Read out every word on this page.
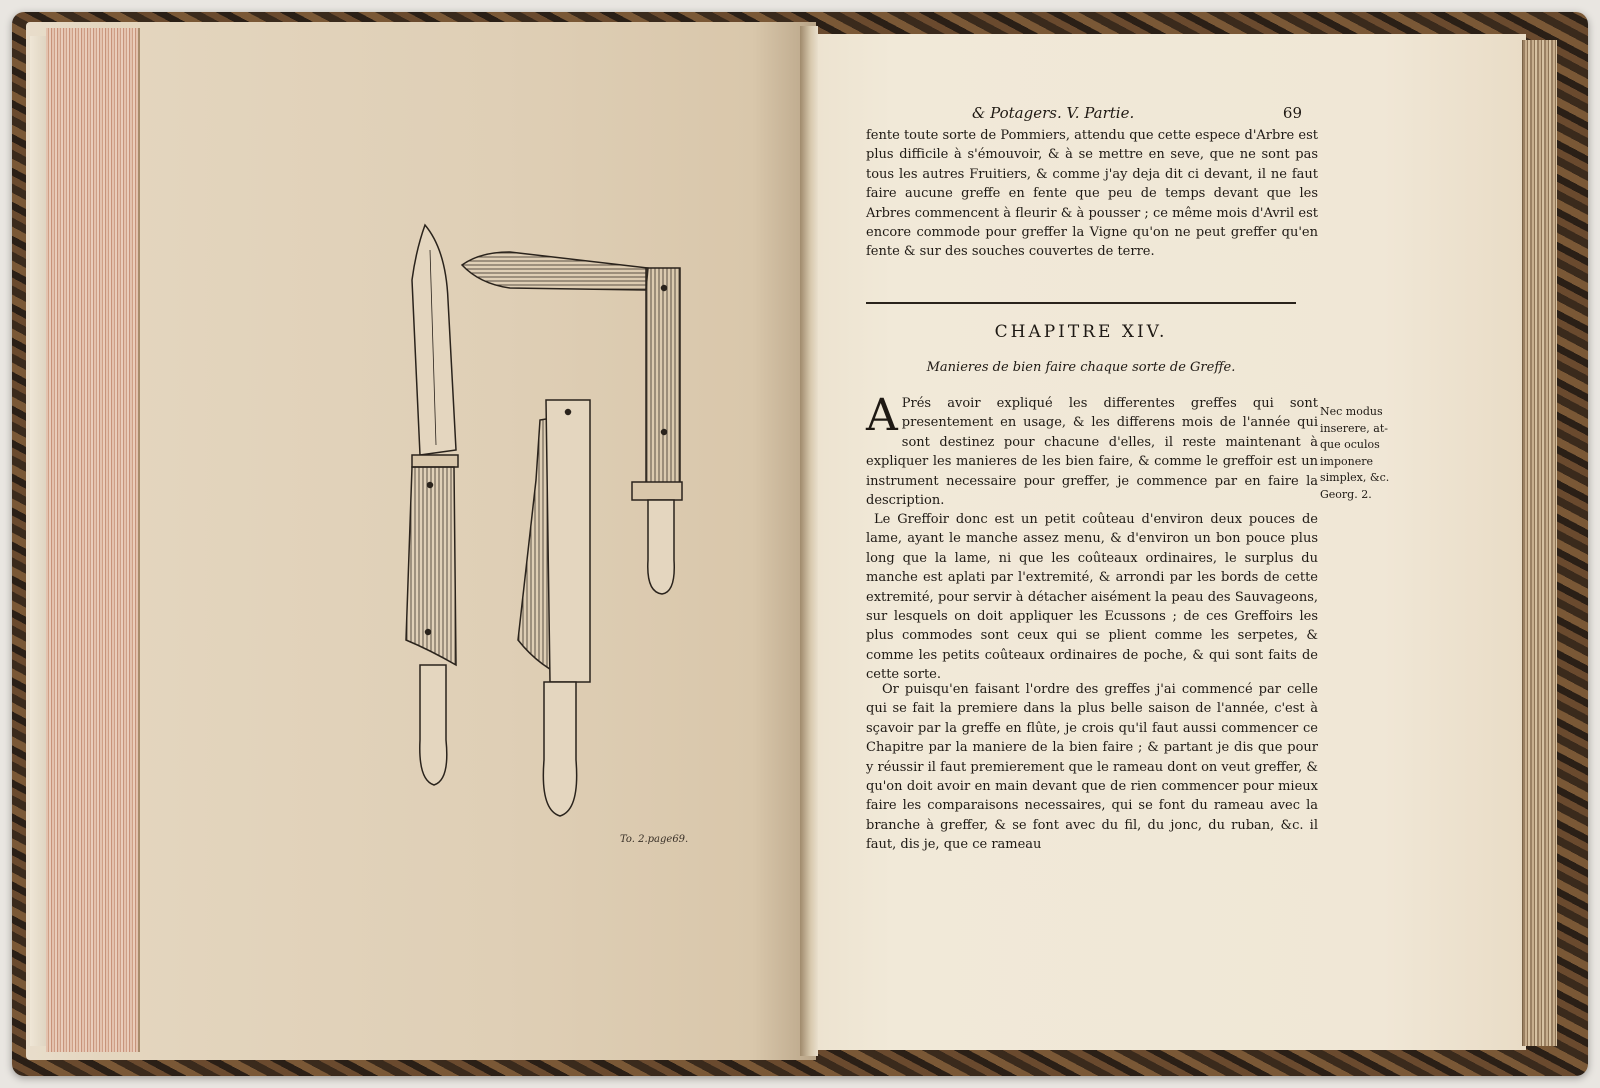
To. 2.page69.
& Potagers. V. Partie.	69
fente toute sorte de Pommiers, attendu que cette espece d'Arbre est plus difficile à s'émouvoir, & à se mettre en seve, que ne sont pas tous les autres Fruitiers, & comme j'ay deja dit ci devant, il ne faut faire aucune greffe en fente que peu de temps devant que les Arbres commencent à fleurir & à pousser ; ce même mois d'Avril est encore commode pour greffer la Vigne qu'on ne peut greffer qu'en fente & sur des souches couvertes de terre.
CHAPITRE XIV.
Manieres de bien faire chaque sorte de Greffe.
A Prés avoir expliqué les differentes greffes qui sont presentement en usage, & les differens mois de l'année qui sont destinez pour chacune d'elles, il reste maintenant à expliquer les manieres de les bien faire, & comme le greffoir est un instrument necessaire pour greffer, je commence par en faire la description.
Le Greffoir donc est un petit coûteau d'environ deux pouces de lame, ayant le manche assez menu, & d'environ un bon pouce plus long que la lame, ni que les coûteaux ordinaires, le surplus du manche est aplati par l'extremité, & arrondi par les bords de cette extremité, pour servir à détacher aisément la peau des Sauvageons, sur lesquels on doit appliquer les Ecussons ; de ces Greffoirs les plus commodes sont ceux qui se plient comme les serpetes, & comme les petits coûteaux ordinaires de poche, & qui sont faits de cette sorte.
Or puisqu'en faisant l'ordre des greffes j'ai commencé par celle qui se fait la premiere dans la plus belle saison de l'année, c'est à sçavoir par la greffe en flûte, je crois qu'il faut aussi commencer ce Chapitre par la maniere de la bien faire ; & partant je dis que pour y réussir il faut premierement que le rameau dont on veut greffer, & qu'on doit avoir en main devant que de rien commencer pour mieux faire les comparaisons necessaires, qui se font du rameau avec la branche à greffer, & se font avec du fil, du jonc, du ruban, &c. il faut, dis je, que ce rameau
Nec modus
inserere, at-
que oculos
imponere
simplex, &c.
Georg. 2.
